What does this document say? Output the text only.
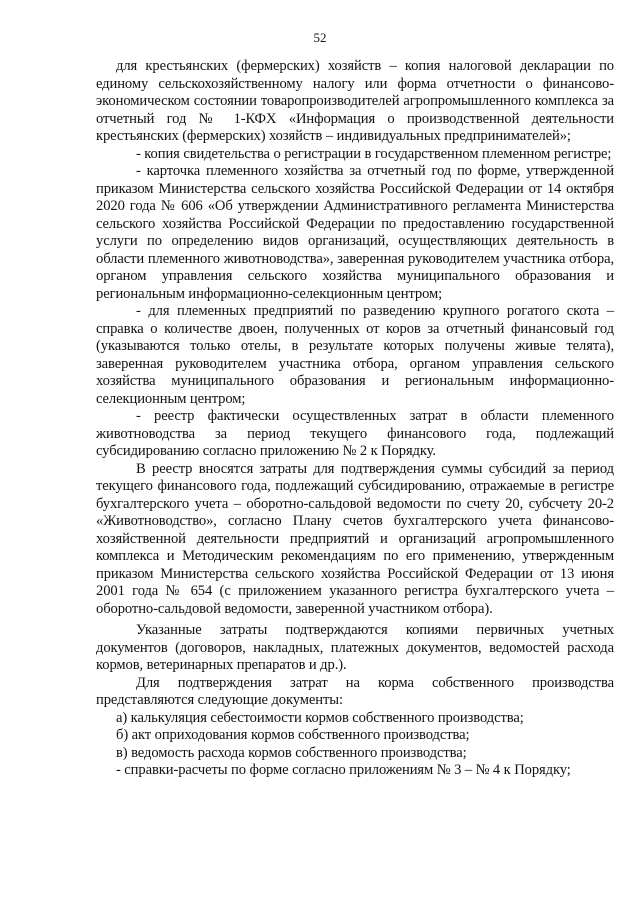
52

для крестьянских (фермерских) хозяйств – копия налоговой декларации по единому сельскохозяйственному налогу или форма отчетности о финансово-экономическом состоянии товаропроизводителей агропромышленного комплекса за отчетный год № 1-КФХ «Информация о производственной деятельности крестьянских (фермерских) хозяйств – индивидуальных предпринимателей»;

- копия свидетельства о регистрации в государственном племенном регистре;

- карточка племенного хозяйства за отчетный год по форме, утвержденной приказом Министерства сельского хозяйства Российской Федерации от 14 октября 2020 года № 606 «Об утверждении Административного регламента Министерства сельского хозяйства Российской Федерации по предоставлению государственной услуги по определению видов организаций, осуществляющих деятельность в области племенного животноводства», заверенная руководителем участника отбора, органом управления сельского хозяйства муниципального образования и региональным информационно-селекционным центром;

- для племенных предприятий по разведению крупного рогатого скота – справка о количестве двоен, полученных от коров за отчетный финансовый год (указываются только отелы, в результате которых получены живые телята), заверенная руководителем участника отбора, органом управления сельского хозяйства муниципального образования и региональным информационно-селекционным центром;

- реестр фактически осуществленных затрат в области племенного животноводства за период текущего финансового года, подлежащий субсидированию согласно приложению № 2 к Порядку.

В реестр вносятся затраты для подтверждения суммы субсидий за период текущего финансового года, подлежащий субсидированию, отражаемые в регистре бухгалтерского учета – оборотно-сальдовой ведомости по счету 20, субсчету 20-2 «Животноводство», согласно Плану счетов бухгалтерского учета финансово-хозяйственной деятельности предприятий и организаций агропромышленного комплекса и Методическим рекомендациям по его применению, утвержденным приказом Министерства сельского хозяйства Российской Федерации от 13 июня 2001 года № 654 (с приложением указанного регистра бухгалтерского учета – оборотно-сальдовой ведомости, заверенной участником отбора).

Указанные затраты подтверждаются копиями первичных учетных документов (договоров, накладных, платежных документов, ведомостей расхода кормов, ветеринарных препаратов и др.).

Для подтверждения затрат на корма собственного производства представляются следующие документы:

а) калькуляция себестоимости кормов собственного производства;

б) акт оприходования кормов собственного производства;

в) ведомость расхода кормов собственного производства;

- справки-расчеты по форме согласно приложениям № 3 – № 4 к Порядку;
